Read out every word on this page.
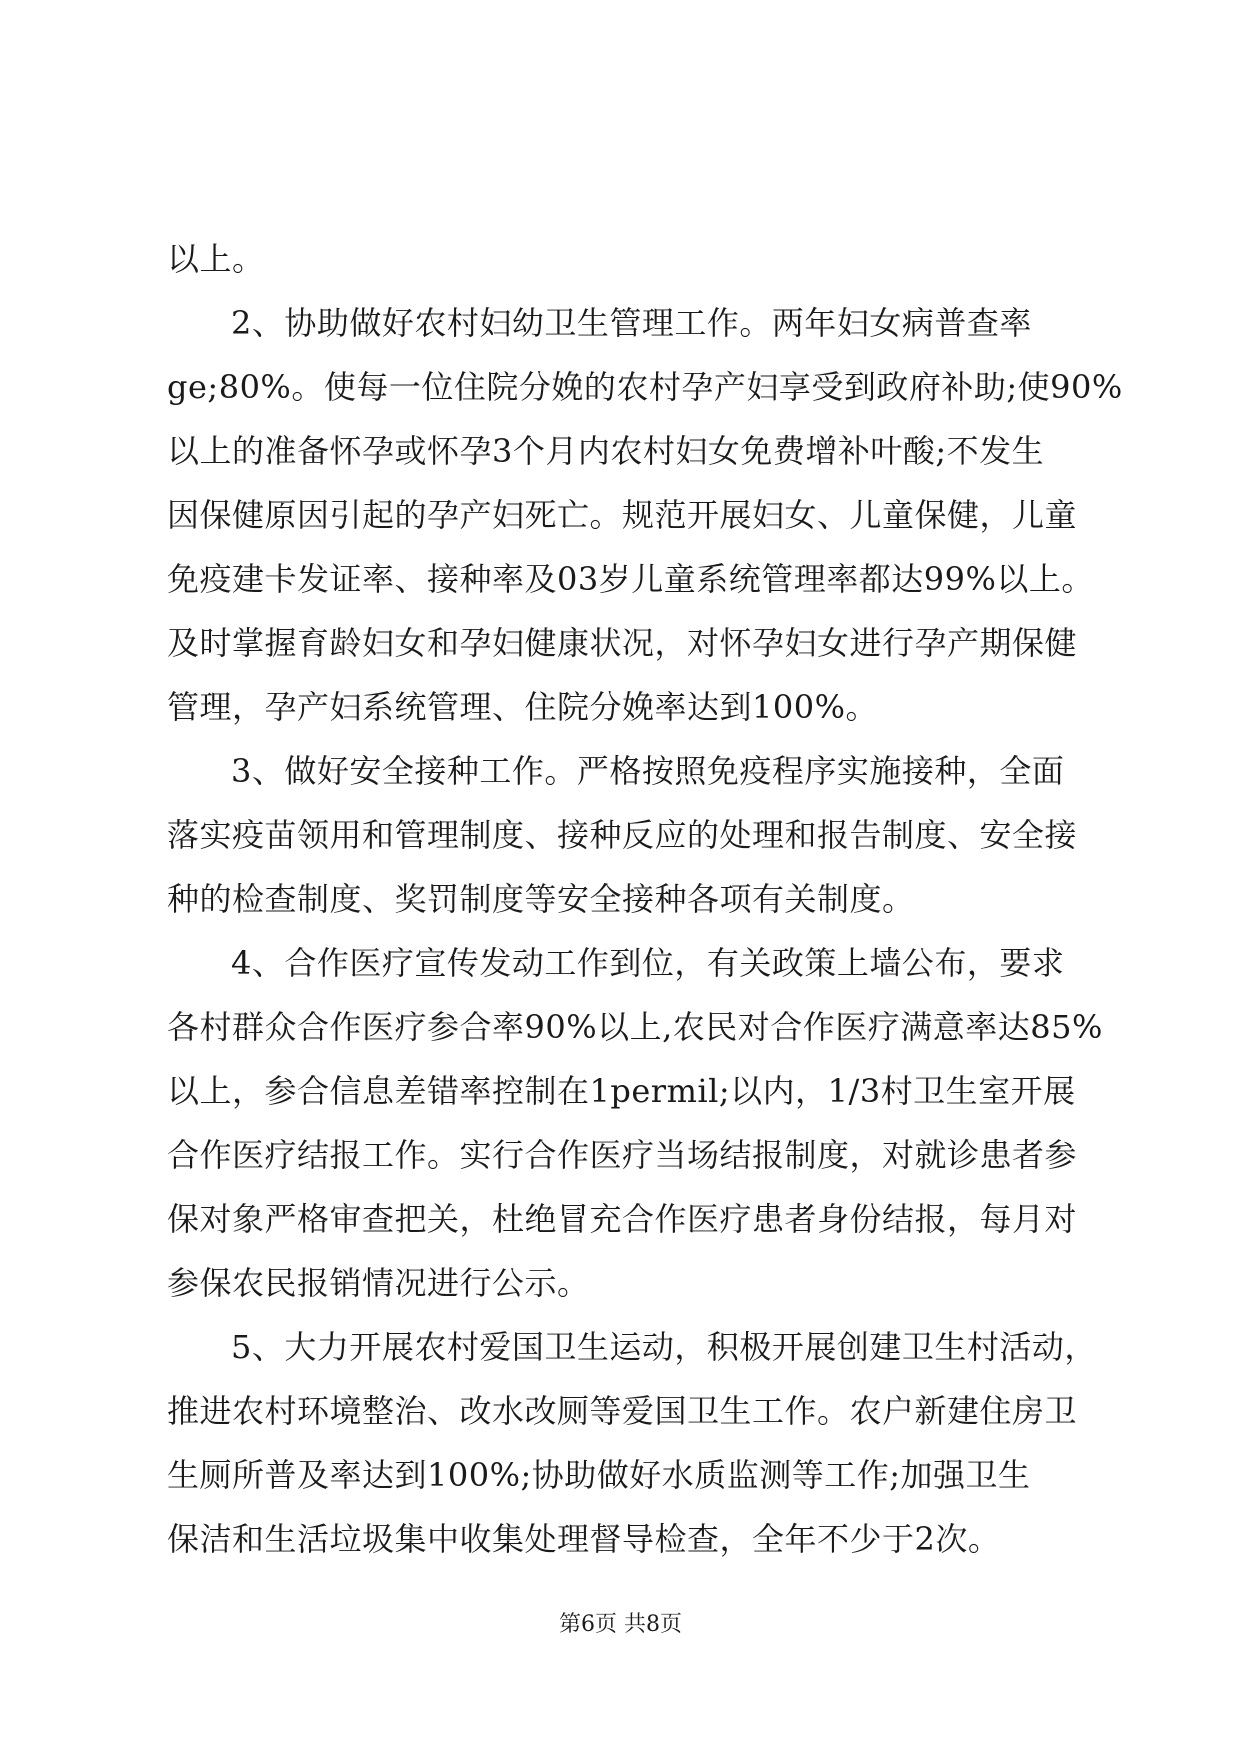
以上。
2、协助做好农村妇幼卫生管理工作。两年妇女病普查率
ge;80%。使每一位住院分娩的农村孕产妇享受到政府补助;使90%
以上的准备怀孕或怀孕3个月内农村妇女免费增补叶酸;不发生
因保健原因引起的孕产妇死亡。规范开展妇女、儿童保健，儿童
免疫建卡发证率、接种率及03岁儿童系统管理率都达99%以上。
及时掌握育龄妇女和孕妇健康状况，对怀孕妇女进行孕产期保健
管理，孕产妇系统管理、住院分娩率达到100%。
3、做好安全接种工作。严格按照免疫程序实施接种，全面
落实疫苗领用和管理制度、接种反应的处理和报告制度、安全接
种的检查制度、奖罚制度等安全接种各项有关制度。
4、合作医疗宣传发动工作到位，有关政策上墙公布，要求
各村群众合作医疗参合率90%以上,农民对合作医疗满意率达85%
以上，参合信息差错率控制在1permil;以内，1/3村卫生室开展
合作医疗结报工作。实行合作医疗当场结报制度，对就诊患者参
保对象严格审查把关，杜绝冒充合作医疗患者身份结报，每月对
参保农民报销情况进行公示。
5、大力开展农村爱国卫生运动，积极开展创建卫生村活动，
推进农村环境整治、改水改厕等爱国卫生工作。农户新建住房卫
生厕所普及率达到100%;协助做好水质监测等工作;加强卫生
保洁和生活垃圾集中收集处理督导检查，全年不少于2次。
第6页 共8页
